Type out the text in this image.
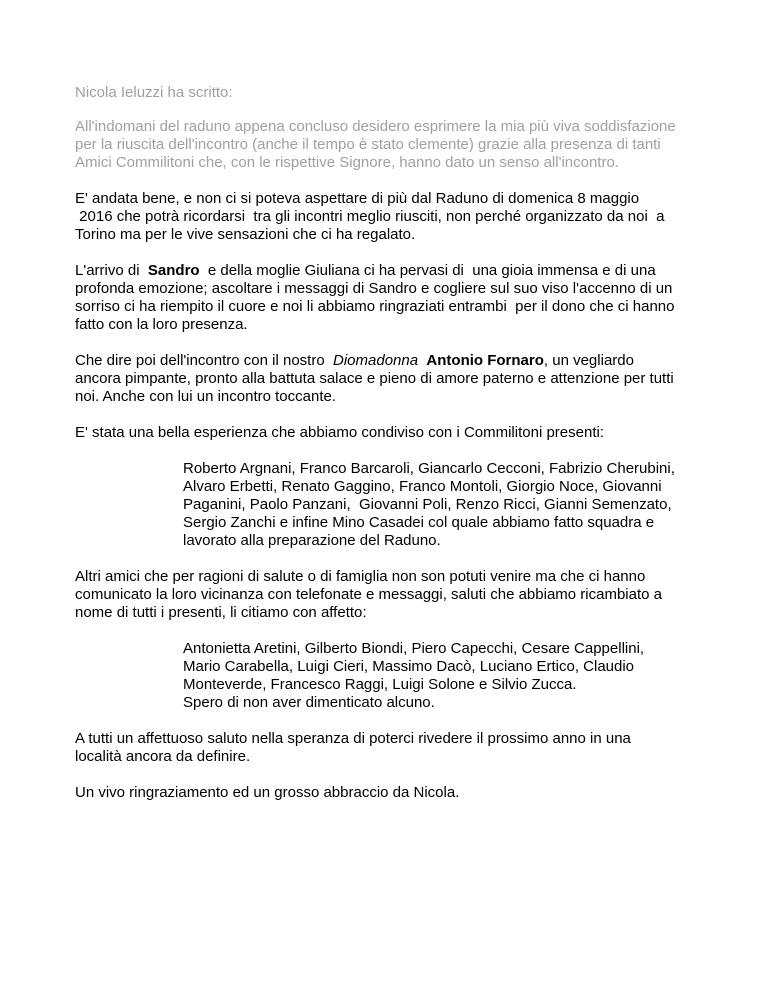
Nicola Ieluzzi ha scritto:
All'indomani del raduno appena concluso desidero esprimere la mia più viva soddisfazione
per la riuscita dell'incontro (anche il tempo è stato clemente) grazie alla presenza di tanti
Amici Commilitoni che, con le rispettive Signore, hanno dato un senso all'incontro.
E' andata bene, e non ci si poteva aspettare di più dal Raduno di domenica 8 maggio
2016 che potrà ricordarsi  tra gli incontri meglio riusciti, non perché organizzato da noi  a
Torino ma per le vive sensazioni che ci ha regalato.
L'arrivo di  Sandro  e della moglie Giuliana ci ha pervasi di  una gioia immensa e di una
profonda emozione; ascoltare i messaggi di Sandro e cogliere sul suo viso l'accenno di un
sorriso ci ha riempito il cuore e noi li abbiamo ringraziati entrambi  per il dono che ci hanno
fatto con la loro presenza.
Che dire poi dell'incontro con il nostro  Diomadonna Antonio Fornaro, un vegliardo
ancora pimpante, pronto alla battuta salace e pieno di amore paterno e attenzione per tutti
noi. Anche con lui un incontro toccante.
E' stata una bella esperienza che abbiamo condiviso con i Commilitoni presenti:
Roberto Argnani, Franco Barcaroli, Giancarlo Cecconi, Fabrizio Cherubini,
Alvaro Erbetti, Renato Gaggino, Franco Montoli, Giorgio Noce, Giovanni
Paganini, Paolo Panzani,  Giovanni Poli, Renzo Ricci, Gianni Semenzato,
Sergio Zanchi e infine Mino Casadei col quale abbiamo fatto squadra e
lavorato alla preparazione del Raduno.
Altri amici che per ragioni di salute o di famiglia non son potuti venire ma che ci hanno
comunicato la loro vicinanza con telefonate e messaggi, saluti che abbiamo ricambiato a
nome di tutti i presenti, li citiamo con affetto:
Antonietta Aretini, Gilberto Biondi, Piero Capecchi, Cesare Cappellini,
Mario Carabella, Luigi Cieri, Massimo Dacò, Luciano Ertico, Claudio
Monteverde, Francesco Raggi, Luigi Solone e Silvio Zucca.
Spero di non aver dimenticato alcuno.
A tutti un affettuoso saluto nella speranza di poterci rivedere il prossimo anno in una
località ancora da definire.
Un vivo ringraziamento ed un grosso abbraccio da Nicola.
